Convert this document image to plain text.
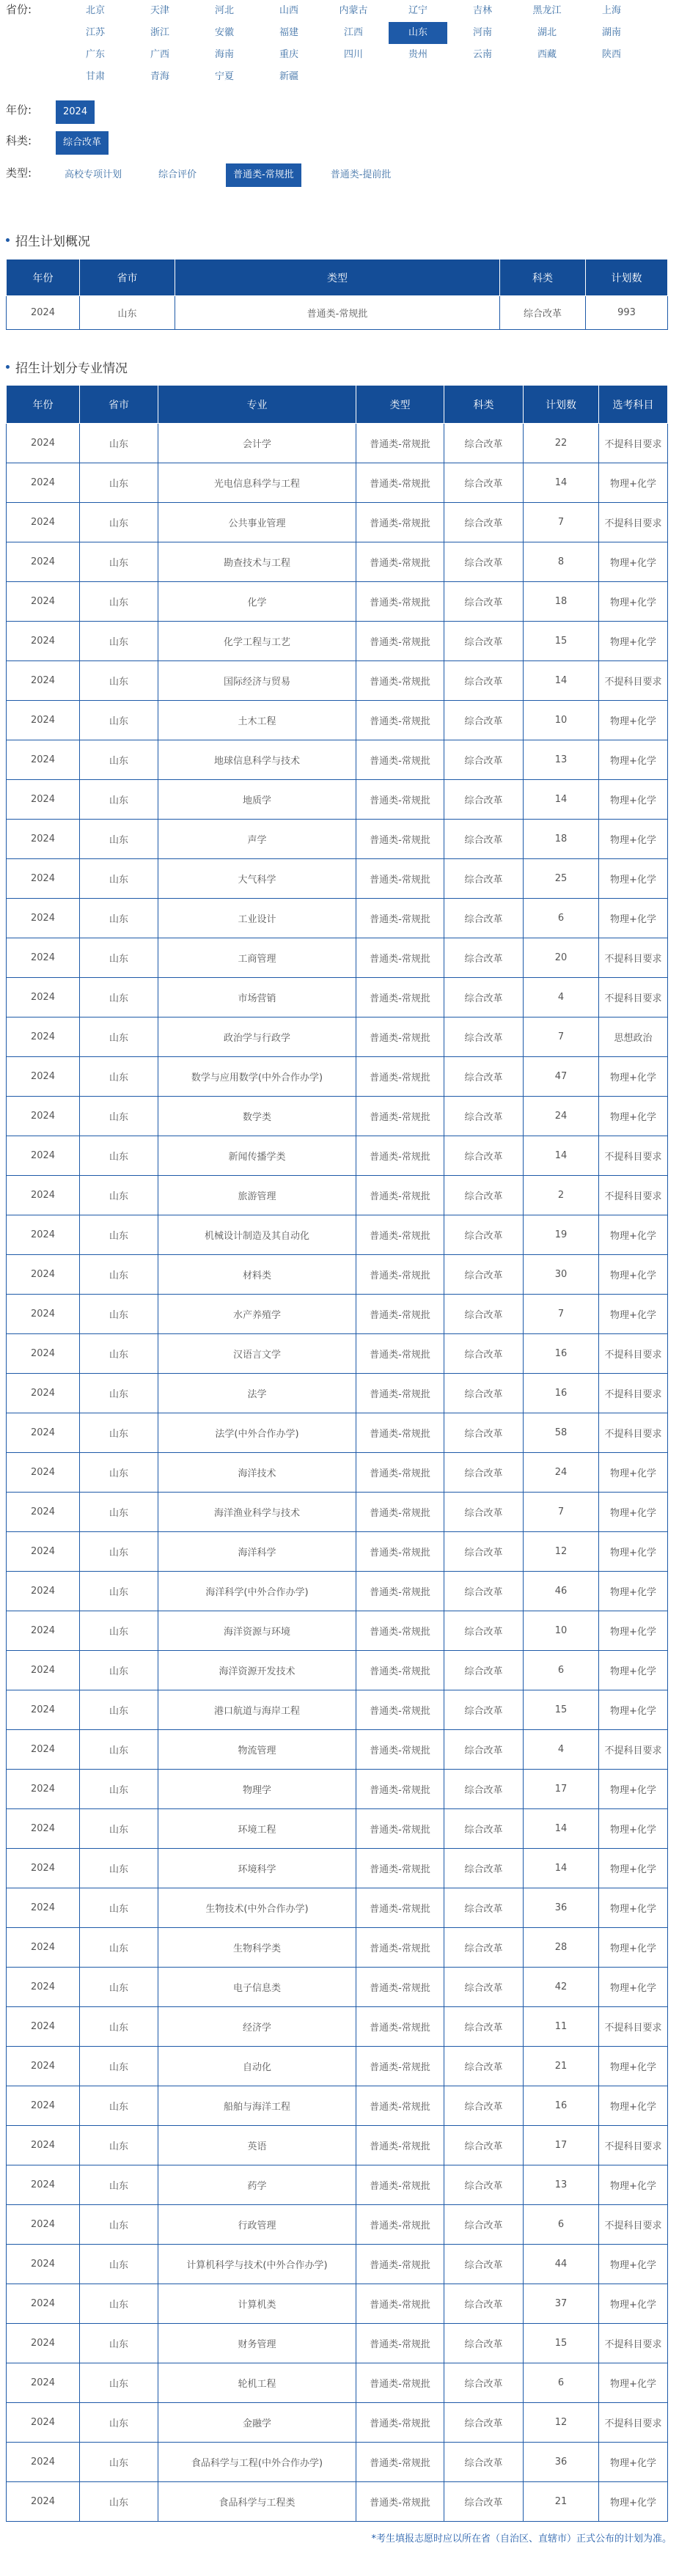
省份:	北京	天津	河北	山西	内蒙古	辽宁	吉林	黑龙江	上海
江苏	浙江	安徽	福建	江西	山东	河南	湖北	湖南
广东	广西	海南	重庆	四川	贵州	云南	西藏	陕西
甘肃	青海	宁夏	新疆
年份:	2024
科类:	综合改革
类型:	高校专项计划	综合评价	普通类-常规批	普通类-提前批
招生计划概况
年份	省市	类型	科类	计划数
2024	山东	普通类-常规批	综合改革	993
招生计划分专业情况
年份	省市	专业	类型	科类	计划数	选考科目
2024	山东	会计学	普通类-常规批	综合改革	22	不提科目要求
2024	山东	光电信息科学与工程	普通类-常规批	综合改革	14	物理+化学
2024	山东	公共事业管理	普通类-常规批	综合改革	7	不提科目要求
2024	山东	勘查技术与工程	普通类-常规批	综合改革	8	物理+化学
2024	山东	化学	普通类-常规批	综合改革	18	物理+化学
2024	山东	化学工程与工艺	普通类-常规批	综合改革	15	物理+化学
2024	山东	国际经济与贸易	普通类-常规批	综合改革	14	不提科目要求
2024	山东	土木工程	普通类-常规批	综合改革	10	物理+化学
2024	山东	地球信息科学与技术	普通类-常规批	综合改革	13	物理+化学
2024	山东	地质学	普通类-常规批	综合改革	14	物理+化学
2024	山东	声学	普通类-常规批	综合改革	18	物理+化学
2024	山东	大气科学	普通类-常规批	综合改革	25	物理+化学
2024	山东	工业设计	普通类-常规批	综合改革	6	物理+化学
2024	山东	工商管理	普通类-常规批	综合改革	20	不提科目要求
2024	山东	市场营销	普通类-常规批	综合改革	4	不提科目要求
2024	山东	政治学与行政学	普通类-常规批	综合改革	7	思想政治
2024	山东	数学与应用数学(中外合作办学)	普通类-常规批	综合改革	47	物理+化学
2024	山东	数学类	普通类-常规批	综合改革	24	物理+化学
2024	山东	新闻传播学类	普通类-常规批	综合改革	14	不提科目要求
2024	山东	旅游管理	普通类-常规批	综合改革	2	不提科目要求
2024	山东	机械设计制造及其自动化	普通类-常规批	综合改革	19	物理+化学
2024	山东	材料类	普通类-常规批	综合改革	30	物理+化学
2024	山东	水产养殖学	普通类-常规批	综合改革	7	物理+化学
2024	山东	汉语言文学	普通类-常规批	综合改革	16	不提科目要求
2024	山东	法学	普通类-常规批	综合改革	16	不提科目要求
2024	山东	法学(中外合作办学)	普通类-常规批	综合改革	58	不提科目要求
2024	山东	海洋技术	普通类-常规批	综合改革	24	物理+化学
2024	山东	海洋渔业科学与技术	普通类-常规批	综合改革	7	物理+化学
2024	山东	海洋科学	普通类-常规批	综合改革	12	物理+化学
2024	山东	海洋科学(中外合作办学)	普通类-常规批	综合改革	46	物理+化学
2024	山东	海洋资源与环境	普通类-常规批	综合改革	10	物理+化学
2024	山东	海洋资源开发技术	普通类-常规批	综合改革	6	物理+化学
2024	山东	港口航道与海岸工程	普通类-常规批	综合改革	15	物理+化学
2024	山东	物流管理	普通类-常规批	综合改革	4	不提科目要求
2024	山东	物理学	普通类-常规批	综合改革	17	物理+化学
2024	山东	环境工程	普通类-常规批	综合改革	14	物理+化学
2024	山东	环境科学	普通类-常规批	综合改革	14	物理+化学
2024	山东	生物技术(中外合作办学)	普通类-常规批	综合改革	36	物理+化学
2024	山东	生物科学类	普通类-常规批	综合改革	28	物理+化学
2024	山东	电子信息类	普通类-常规批	综合改革	42	物理+化学
2024	山东	经济学	普通类-常规批	综合改革	11	不提科目要求
2024	山东	自动化	普通类-常规批	综合改革	21	物理+化学
2024	山东	船舶与海洋工程	普通类-常规批	综合改革	16	物理+化学
2024	山东	英语	普通类-常规批	综合改革	17	不提科目要求
2024	山东	药学	普通类-常规批	综合改革	13	物理+化学
2024	山东	行政管理	普通类-常规批	综合改革	6	不提科目要求
2024	山东	计算机科学与技术(中外合作办学)	普通类-常规批	综合改革	44	物理+化学
2024	山东	计算机类	普通类-常规批	综合改革	37	物理+化学
2024	山东	财务管理	普通类-常规批	综合改革	15	不提科目要求
2024	山东	轮机工程	普通类-常规批	综合改革	6	物理+化学
2024	山东	金融学	普通类-常规批	综合改革	12	不提科目要求
2024	山东	食品科学与工程(中外合作办学)	普通类-常规批	综合改革	36	物理+化学
2024	山东	食品科学与工程类	普通类-常规批	综合改革	21	物理+化学
*考生填报志愿时应以所在省（自治区、直辖市）正式公布的计划为准。
